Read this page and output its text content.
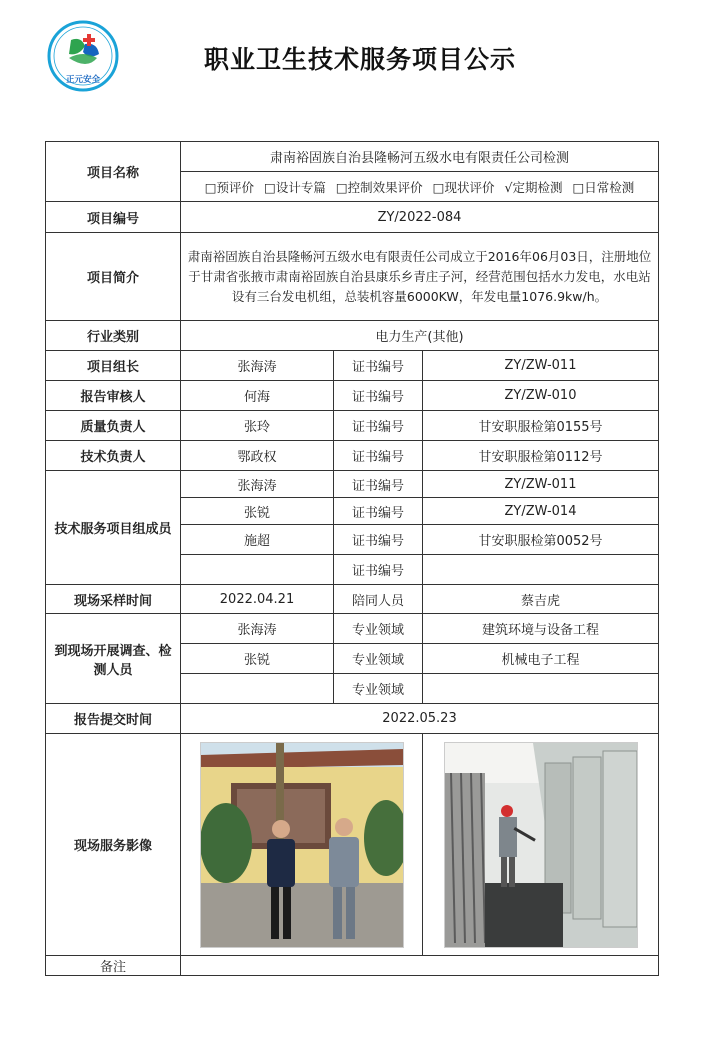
正元安全
职业卫生技术服务项目公示
项目名称	肃南裕固族自治县隆畅河五级水电有限责任公司检测		
	□预评价 □设计专篇 □控制效果评价 □现状评价 √定期检测 □日常检测		
项目编号	ZY/2022-084		
项目简介	肃南裕固族自治县隆畅河五级水电有限责任公司成立于2016年06月03日，注册地位于甘肃省张掖市肃南裕固族自治县康乐乡青庄子河，经营范围包括水力发电，水电站设有三台发电机组，总装机容量6000KW，年发电量1076.9kw/h。		
行业类别	电力生产(其他)		
项目组长	张海涛	证书编号	ZY/ZW-011
报告审核人	何海	证书编号	ZY/ZW-010
质量负责人	张玲	证书编号	甘安职服检第0155号
技术负责人	鄂政权	证书编号	甘安职服检第0112号
技术服务项目组成员	张海涛	证书编号	ZY/ZW-011
	张锐	证书编号	ZY/ZW-014
	施超	证书编号	甘安职服检第0052号
		证书编号	
现场采样时间	2022.04.21	陪同人员	蔡吉虎
到现场开展调查、检测人员	张海涛	专业领域	建筑环境与设备工程
	张锐	专业领域	机械电子工程
		专业领域	
报告提交时间	2022.05.23		
现场服务影像	

备注			
